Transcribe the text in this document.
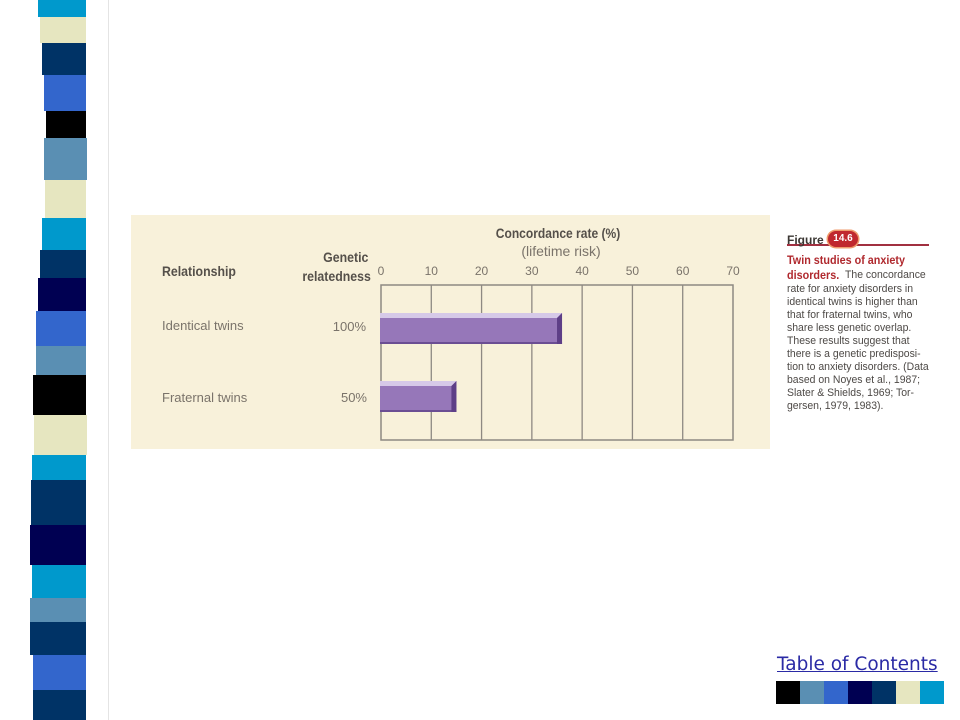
Concordance rate (%)
(lifetime risk)
Relationship
Genetic
relatedness
Identical twins	100%
Fraternal twins	50%
0	10	20	30	40	50	60	70
Figure 14.6
Twin studies of anxiety
disorders. The concordance
rate for anxiety disorders in
identical twins is higher than
that for fraternal twins, who
share less genetic overlap.
These results suggest that
there is a genetic predisposi-
tion to anxiety disorders. (Data
based on Noyes et al., 1987;
Slater & Shields, 1969; Tor-
gersen, 1979, 1983).
Table of Contents
